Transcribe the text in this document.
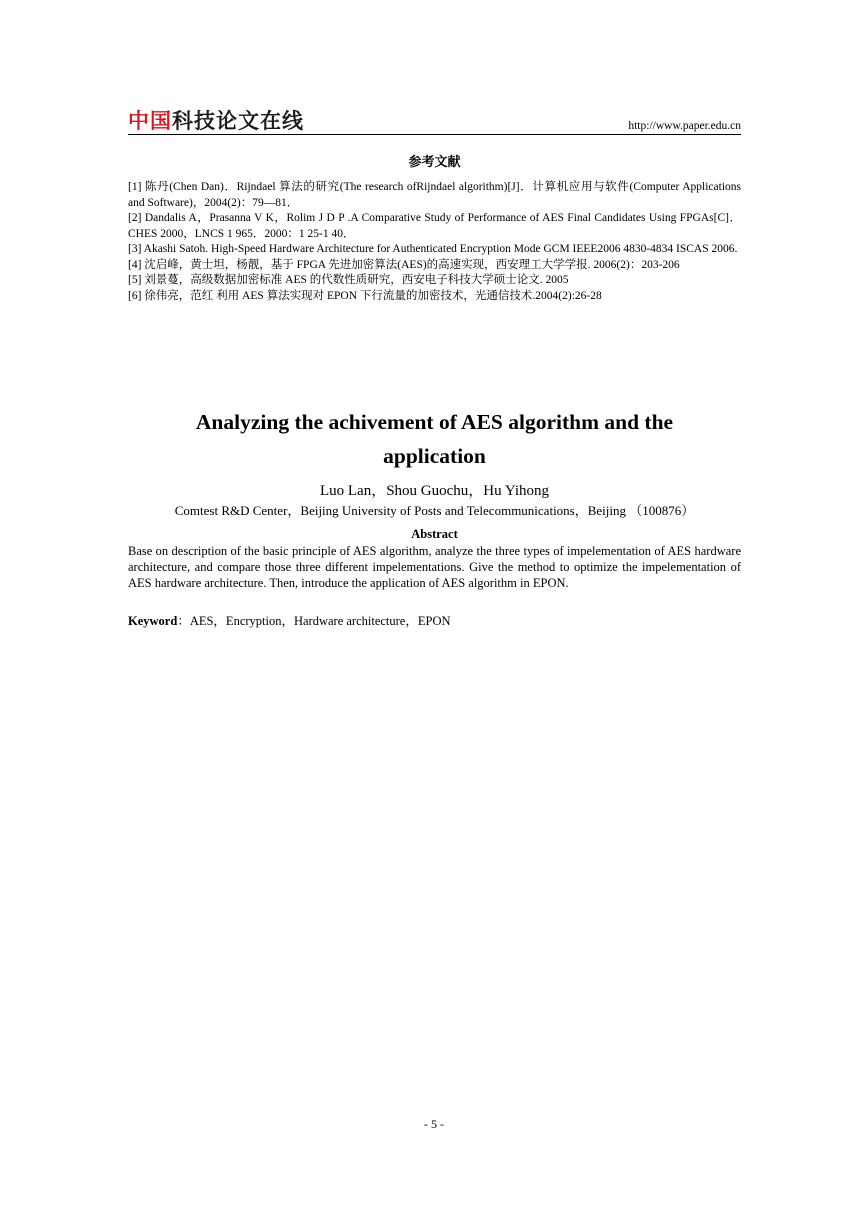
中国科技论文在线	http://www.paper.edu.cn
参考文献

[1] 陈丹(Chen Dan)．Rijndael 算法的研究(The research ofRijndael algorithm)[J]．计算机应用与软件(Computer Applications and Software)，2004(2)：79—81．

[2] Dandalis A，Prasanna V K，Rolim J D P .A Comparative Study of Performance of AES Final Candidates Using FPGAs[C]．CHES 2000，LNCS 1 965．2000：1 25-1 40．

[3] Akashi Satoh. High-Speed Hardware Architecture for Authenticated Encryption Mode GCM IEEE2006 4830-4834 ISCAS 2006.

[4] 沈启峰，黄士坦，杨靓，基于 FPGA 先进加密算法(AES)的高速实现，西安理工大学学报. 2006(2)：203-206

[5] 刘景蔓，高级数据加密标准 AES 的代数性质研究，西安电子科技大学硕士论文. 2005

[6] 徐伟亮，范红 利用 AES 算法实现对 EPON 下行流量的加密技术，光通信技术.2004(2):26-28

Analyzing the achivement of AES algorithm and the
application
Luo Lan，Shou Guochu，Hu Yihong
Comtest R&D Center，Beijing University of Posts and Telecommunications，Beijing （100876）
Abstract
Base on description of the basic principle of AES algorithm, analyze the three types of impelementation of AES hardware architecture, and compare those three different impelementations. Give the method to optimize the impelementation of AES hardware architecture. Then, introduce the application of AES algorithm in EPON.
Keyword：AES，Encryption，Hardware architecture，EPON
- 5 -
